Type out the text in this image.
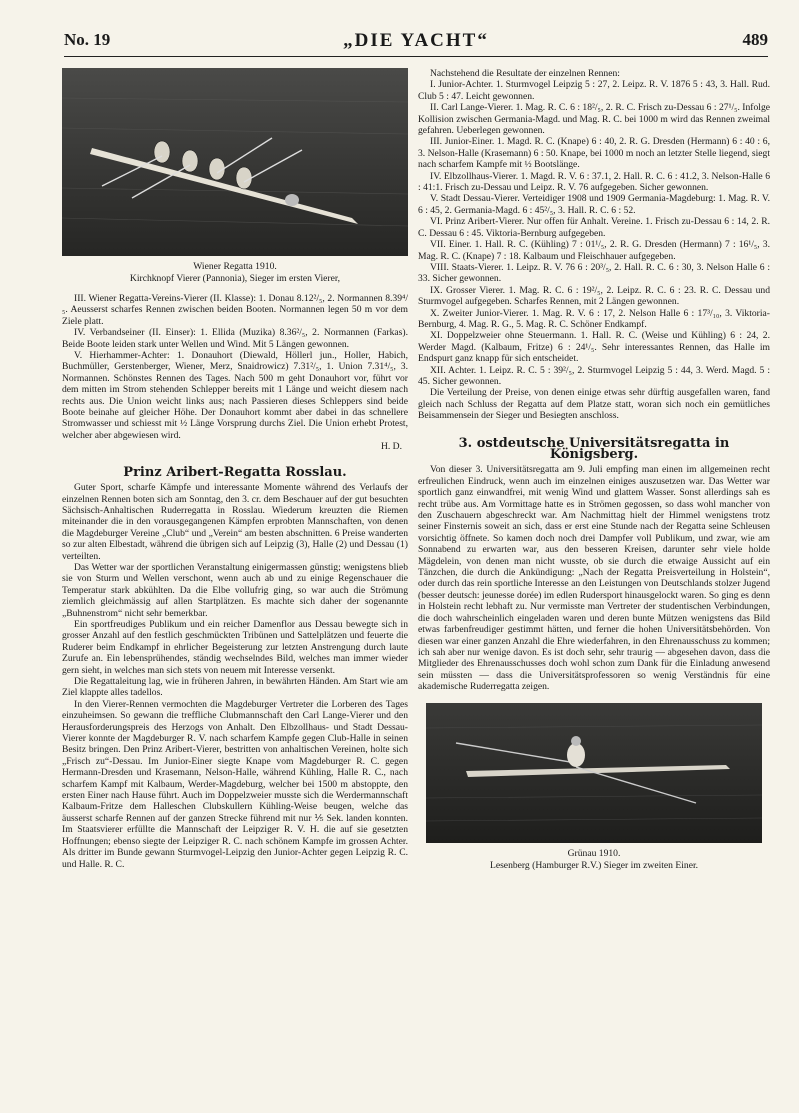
No. 19	„DIE YACHT“	489
Wiener Regatta 1910.
Kirchknopf Vierer (Pannonia), Sieger im ersten Vierer,

III. Wiener Regatta-Vereins-Vierer (II. Klasse): 1. Donau 8.12²/₅, 2. Normannen 8.39⁴/₅. Aeusserst scharfes Rennen zwischen beiden Booten. Normannen legen 50 m vor dem Ziele platt.

IV. Verbandseiner (II. Einser): 1. Ellida (Muzika) 8.36²/₅, 2. Normannen (Farkas). Beide Boote leiden stark unter Wellen und Wind. Mit 5 Längen gewonnen.

V. Hierhammer-Achter: 1. Donauhort (Diewald, Höllerl jun., Holler, Habich, Buchmüller, Gerstenberger, Wiener, Merz, Snaidrowicz) 7.31²/₅, 1. Union 7.31⁴/₅, 3. Normannen. Schönstes Rennen des Tages. Nach 500 m geht Donauhort vor, führt vor dem mitten im Strom stehenden Schlepper bereits mit 1 Länge und weicht diesem nach rechts aus. Die Union weicht links aus; nach Passieren dieses Schleppers sind beide Boote beinahe auf gleicher Höhe. Der Donauhort kommt aber dabei in das schnellere Stromwasser und schiesst mit ½ Länge Vorsprung durchs Ziel. Die Union erhebt Protest, welcher aber abgewiesen wird.

H. D.
Prinz Aribert-Regatta Rosslau.

Guter Sport, scharfe Kämpfe und interessante Momente während des Verlaufs der einzelnen Rennen boten sich am Sonntag, den 3. cr. dem Beschauer auf der gut besuchten Sächsisch-Anhaltischen Ruderregatta in Rosslau. Wiederum kreuzten die Riemen miteinander die in den vorausgegangenen Kämpfen erprobten Mannschaften, von denen die Magdeburger Vereine „Club“ und „Verein“ am besten abschnitten. 6 Preise wanderten so zur alten Elbestadt, während die übrigen sich auf Leipzig (3), Halle (2) und Dessau (1) verteilten.

Das Wetter war der sportlichen Veranstaltung einigermassen günstig; wenigstens blieb sie von Sturm und Wellen verschont, wenn auch ab und zu einige Regenschauer die Temperatur stark abkühlten. Da die Elbe vollufrig ging, so war auch die Strömung ziemlich gleichmässig auf allen Startplätzen. Es machte sich daher der sogenannte „Buhnenstrom“ nicht sehr bemerkbar.

Ein sportfreudiges Publikum und ein reicher Damenflor aus Dessau bewegte sich in grosser Anzahl auf den festlich geschmückten Tribünen und Sattelplätzen und feuerte die Ruderer beim Endkampf in ehrlicher Begeisterung zur letzten Anstrengung durch laute Zurufe an. Ein lebensprühendes, ständig wechselndes Bild, welches man immer wieder gern sieht, in welches man sich stets von neuem mit Interesse versenkt.

Die Regattaleitung lag, wie in früheren Jahren, in bewährten Händen. Am Start wie am Ziel klappte alles tadellos.

In den Vierer-Rennen vermochten die Magdeburger Vertreter die Lorberen des Tages einzuheimsen. So gewann die treffliche Clubmannschaft den Carl Lange-Vierer und den Herausforderungspreis des Herzogs von Anhalt. Den Elbzollhaus- und Stadt Dessau-Vierer konnte der Magdeburger R. V. nach scharfem Kampfe gegen Club-Halle in seinen Besitz bringen. Den Prinz Aribert-Vierer, bestritten von anhaltischen Vereinen, holte sich „Frisch zu“-Dessau. Im Junior-Einer siegte Knape vom Magdeburger R. C. gegen Hermann-Dresden und Krasemann, Nelson-Halle, während Kühling, Halle R. C., nach scharfem Kampf mit Kalbaum, Werder-Magdeburg, welcher bei 1500 m abstoppte, den ersten Einer nach Hause führt. Auch im Doppelzweier musste sich die Werdermannschaft Kalbaum-Fritze dem Halleschen Clubskullern Kühling-Weise beugen, welche das äusserst scharfe Rennen auf der ganzen Strecke führend mit nur ⅕ Sek. landen konnten. Im Staatsvierer erfüllte die Mannschaft der Leipziger R. V. H. die auf sie gesetzten Hoffnungen; ebenso siegte der Leipziger R. C. nach schönem Kampfe im grossen Achter. Als dritter im Bunde gewann Sturmvogel-Leipzig den Junior-Achter gegen Leipzig R. C. und Halle. R. C.

Nachstehend die Resultate der einzelnen Rennen:

I. Junior-Achter. 1. Sturmvogel Leipzig 5 : 27, 2. Leipz. R. V. 1876 5 : 43, 3. Hall. Rud. Club 5 : 47. Leicht gewonnen.

II. Carl Lange-Vierer. 1. Mag. R. C. 6 : 18²/₅, 2. R. C. Frisch zu-Dessau 6 : 27¹/₅. Infolge Kollision zwischen Germania-Magd. und Mag. R. C. bei 1000 m wird das Rennen zweimal gefahren. Ueberlegen gewonnen.

III. Junior-Einer. 1. Magd. R. C. (Knape) 6 : 40, 2. R. G. Dresden (Hermann) 6 : 40 : 6, 3. Nelson-Halle (Krasemann) 6 : 50. Knape, bei 1000 m noch an letzter Stelle liegend, siegt nach scharfem Kampfe mit ½ Bootslänge.

IV. Elbzollhaus-Vierer. 1. Magd. R. V. 6 : 37.1, 2. Hall. R. C. 6 : 41.2, 3. Nelson-Halle 6 : 41:1. Frisch zu-Dessau und Leipz. R. V. 76 aufgegeben. Sicher gewonnen.

V. Stadt Dessau-Vierer. Verteidiger 1908 und 1909 Germania-Magdeburg: 1. Mag. R. V. 6 : 45, 2. Germania-Magd. 6 : 45²/₅, 3. Hall. R. C. 6 : 52.

VI. Prinz Aribert-Vierer. Nur offen für Anhalt. Vereine. 1. Frisch zu-Dessau 6 : 14, 2. R. C. Dessau 6 : 45. Viktoria-Bernburg aufgegeben.

VII. Einer. 1. Hall. R. C. (Kühling) 7 : 01¹/₅, 2. R. G. Dresden (Hermann) 7 : 16¹/₅, 3. Mag. R. C. (Knape) 7 : 18. Kalbaum und Fleischhauer aufgegeben.

VIII. Staats-Vierer. 1. Leipz. R. V. 76 6 : 20³/₅, 2. Hall. R. C. 6 : 30, 3. Nelson Halle 6 : 33. Sicher gewonnen.

IX. Grosser Vierer. 1. Mag. R. C. 6 : 19²/₅, 2. Leipz. R. C. 6 : 23. R. C. Dessau und Sturmvogel aufgegeben. Scharfes Rennen, mit 2 Längen gewonnen.

X. Zweiter Junior-Vierer. 1. Mag. R. V. 6 : 17, 2. Nelson Halle 6 : 17³/₁₀, 3. Viktoria-Bernburg, 4. Mag. R. G., 5. Mag. R. C. Schöner Endkampf.

XI. Doppelzweier ohne Steuermann. 1. Hall. R. C. (Weise und Kühling) 6 : 24, 2. Werder Magd. (Kalbaum, Fritze) 6 : 24¹/₅. Sehr interessantes Rennen, das Halle im Endspurt ganz knapp für sich entscheidet.

XII. Achter. 1. Leipz. R. C. 5 : 39²/₅, 2. Sturmvogel Leipzig 5 : 44, 3. Werd. Magd. 5 : 45. Sicher gewonnen.

Die Verteilung der Preise, von denen einige etwas sehr dürftig ausgefallen waren, fand gleich nach Schluss der Regatta auf dem Platze statt, woran sich noch ein gemütliches Beisammensein der Sieger und Besiegten anschloss.

3. ostdeutsche Universitätsregatta in Königsberg.

Von dieser 3. Universitätsregatta am 9. Juli empfing man einen im allgemeinen recht erfreulichen Eindruck, wenn auch im einzelnen einiges auszusetzen war. Das Wetter war sportlich ganz einwandfrei, mit wenig Wind und glattem Wasser. Sonst allerdings sah es recht trübe aus. Am Vormittage hatte es in Strömen gegossen, so dass wohl mancher von den Zuschauern abgeschreckt war. Am Nachmittag hielt der Himmel wenigstens trotz seiner Finsternis soweit an sich, dass er erst eine Stunde nach der Regatta seine Schleusen vorsichtig öffnete. So kamen doch noch drei Dampfer voll Publikum, und zwar, wie am Sonnabend zu erwarten war, aus den besseren Kreisen, darunter sehr viele holde Mägdelein, von denen man nicht wusste, ob sie durch die etwaige Aussicht auf ein Tänzchen, die durch die Ankündigung: „Nach der Regatta Preisverteilung in Holstein“, oder durch das rein sportliche Interesse an den Leistungen von Deutschlands stolzer Jugend (besser deutsch: jeunesse dorée) im edlen Rudersport hinausgelockt waren. So ging es denn in Holstein recht lebhaft zu. Nur vermisste man Vertreter der studentischen Verbindungen, die doch wahrscheinlich eingeladen waren und deren bunte Mützen wenigstens das Bild etwas farbenfreudiger gestimmt hätten, und ferner die hohen Universitätsbehörden. Von diesen war einer ganzen Anzahl die Ehre wiederfahren, in den Ehrenausschuss zu kommen; ich sah aber nur wenige davon. Es ist doch sehr, sehr traurig — abgesehen davon, dass die Mitglieder des Ehrenausschusses doch wohl schon zum Dank für die Einladung anwesend sein müssten — dass die Universitätsprofessoren so wenig Verständnis für eine akademische Ruderregatta zeigen.

Grünau 1910.
Lesenberg (Hamburger R.V.) Sieger im zweiten Einer.
